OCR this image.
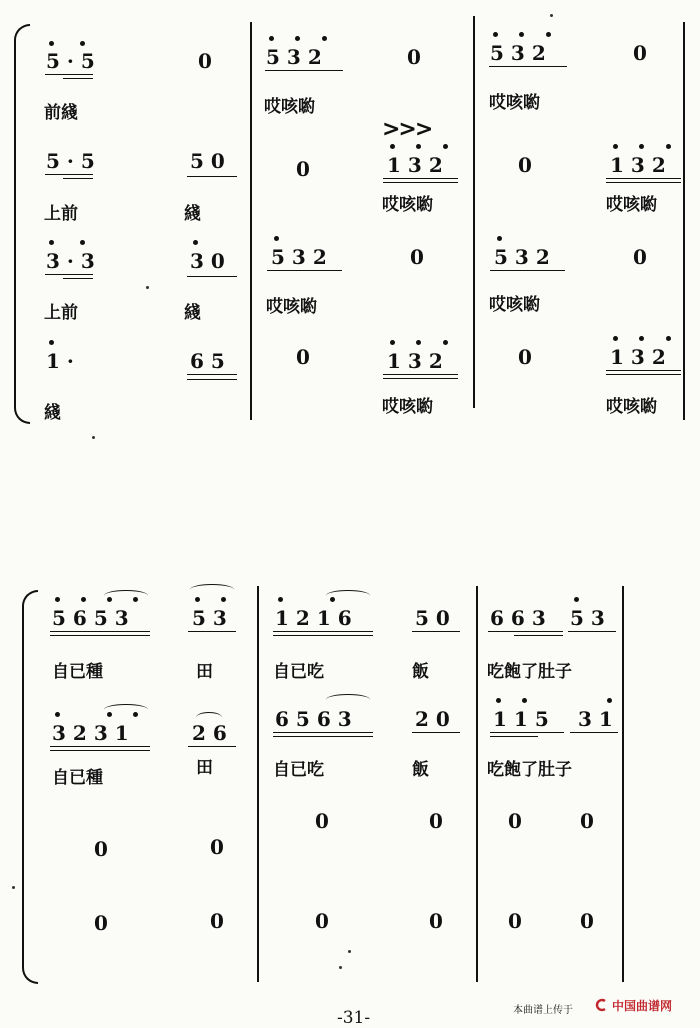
5·5	0 532	0	532	0
前綫	哎咳喲	哎咳喲
>>>
5·5	50	0	132	0	132
上前	綫	哎咳喲	哎咳喲
3·3	30 532	0	532	0
上前	綫	哎咳喲	哎咳喲
1·	65	0	132	0	132
綫	哎咳喲	哎咳喲
5653	53 1216	50 663 53
自已種	田	自已吃	飯	吃飽了肚子
3231	26
6563	20 115 31
自已種	田	自已吃	飯	吃飽了肚子
0	0
0	0	0	0
0	0	0	0	0	0
-31-	本曲谱上传于	中国曲谱网
